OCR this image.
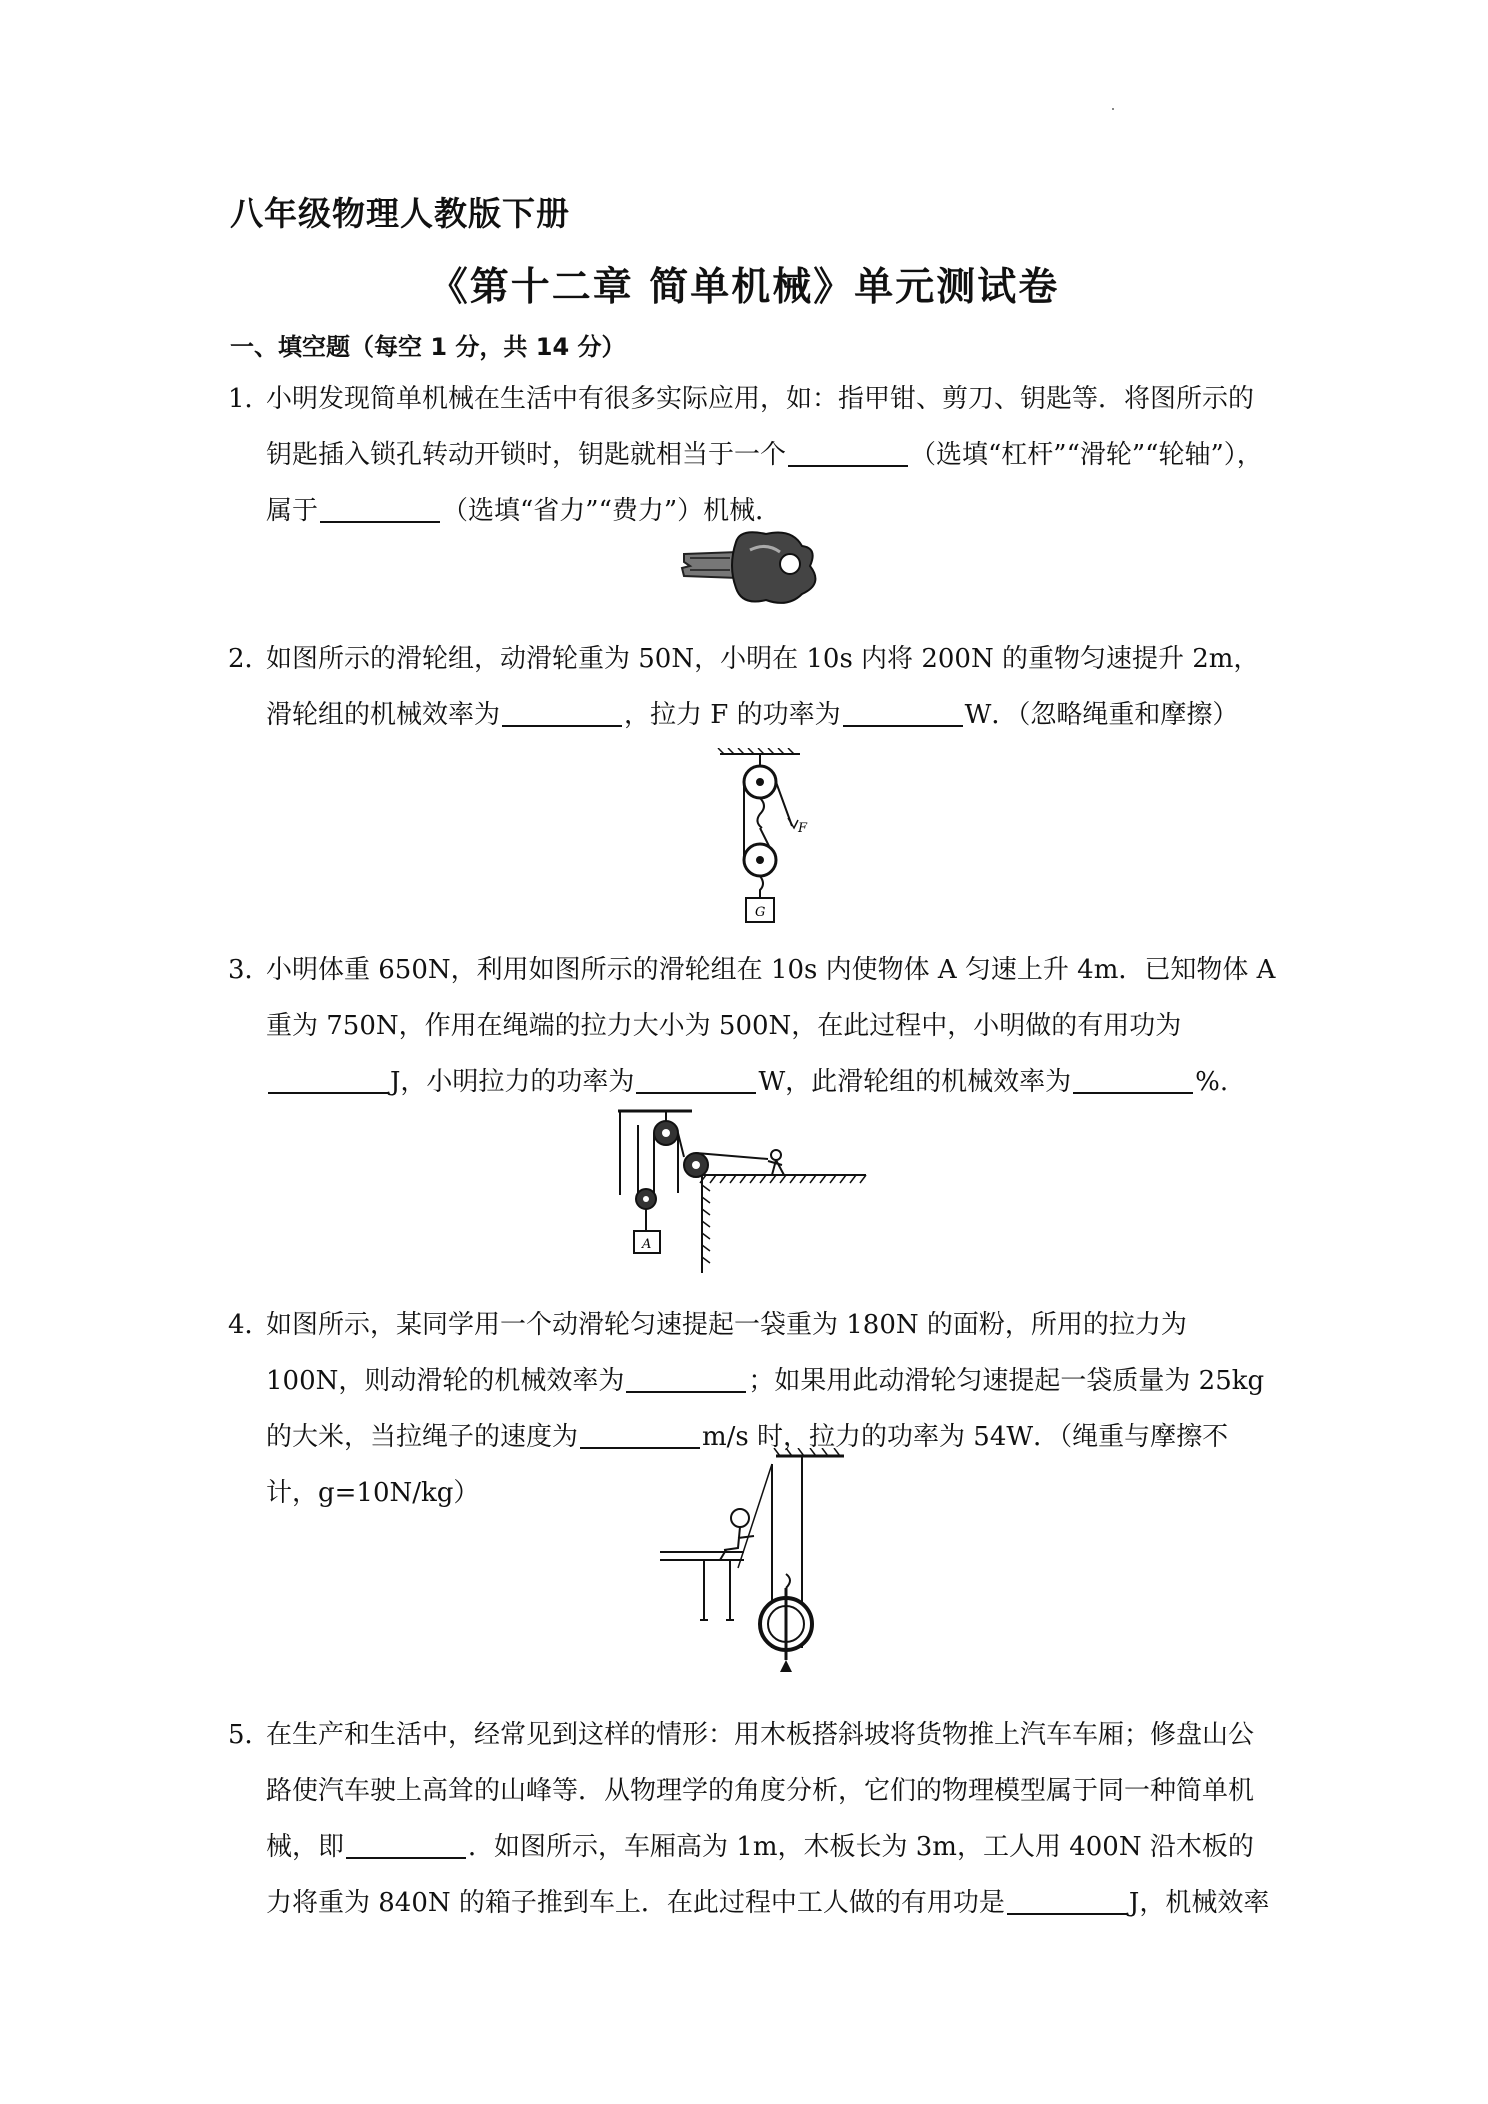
八年级物理人教版下册
《第十二章 简单机械》单元测试卷
一、填空题（每空 1 分，共 14 分）
1．
小明发现简单机械在生活中有很多实际应用，如：指甲钳、剪刀、钥匙等．将图所示的钥匙插入锁孔转动开锁时，钥匙就相当于一个	（选填“杠杆”“滑轮”“轮轴”），属于	（选填“省力”“费力”）机械．
2．
如图所示的滑轮组，动滑轮重为 50N，小明在 10s 内将 200N 的重物匀速提升 2m，滑轮组的机械效率为	，拉力 F 的功率为	W．（忽略绳重和摩擦）
F
G
3．
小明体重 650N，利用如图所示的滑轮组在 10s 内使物体 A 匀速上升 4m．已知物体 A 重为 750N，作用在绳端的拉力大小为 500N，在此过程中，小明做的有用功为J，小明拉力的功率为	W，此滑轮组的机械效率为	%.
A
4．
如图所示，某同学用一个动滑轮匀速提起一袋重为 180N 的面粉，所用的拉力为 100N，则动滑轮的机械效率为	；如果用此动滑轮匀速提起一袋质量为 25kg 的大米，当拉绳子的速度为	m/s 时，拉力的功率为 54W．（绳重与摩擦不计，g=10N/kg）
5．
在生产和生活中，经常见到这样的情形：用木板搭斜坡将货物推上汽车车厢；修盘山公路使汽车驶上高耸的山峰等．从物理学的角度分析，它们的物理模型属于同一种简单机械，即	．如图所示，车厢高为 1m，木板长为 3m，工人用 400N 沿木板的力将重为 840N 的箱子推到车上．在此过程中工人做的有用功是	J，机械效率
